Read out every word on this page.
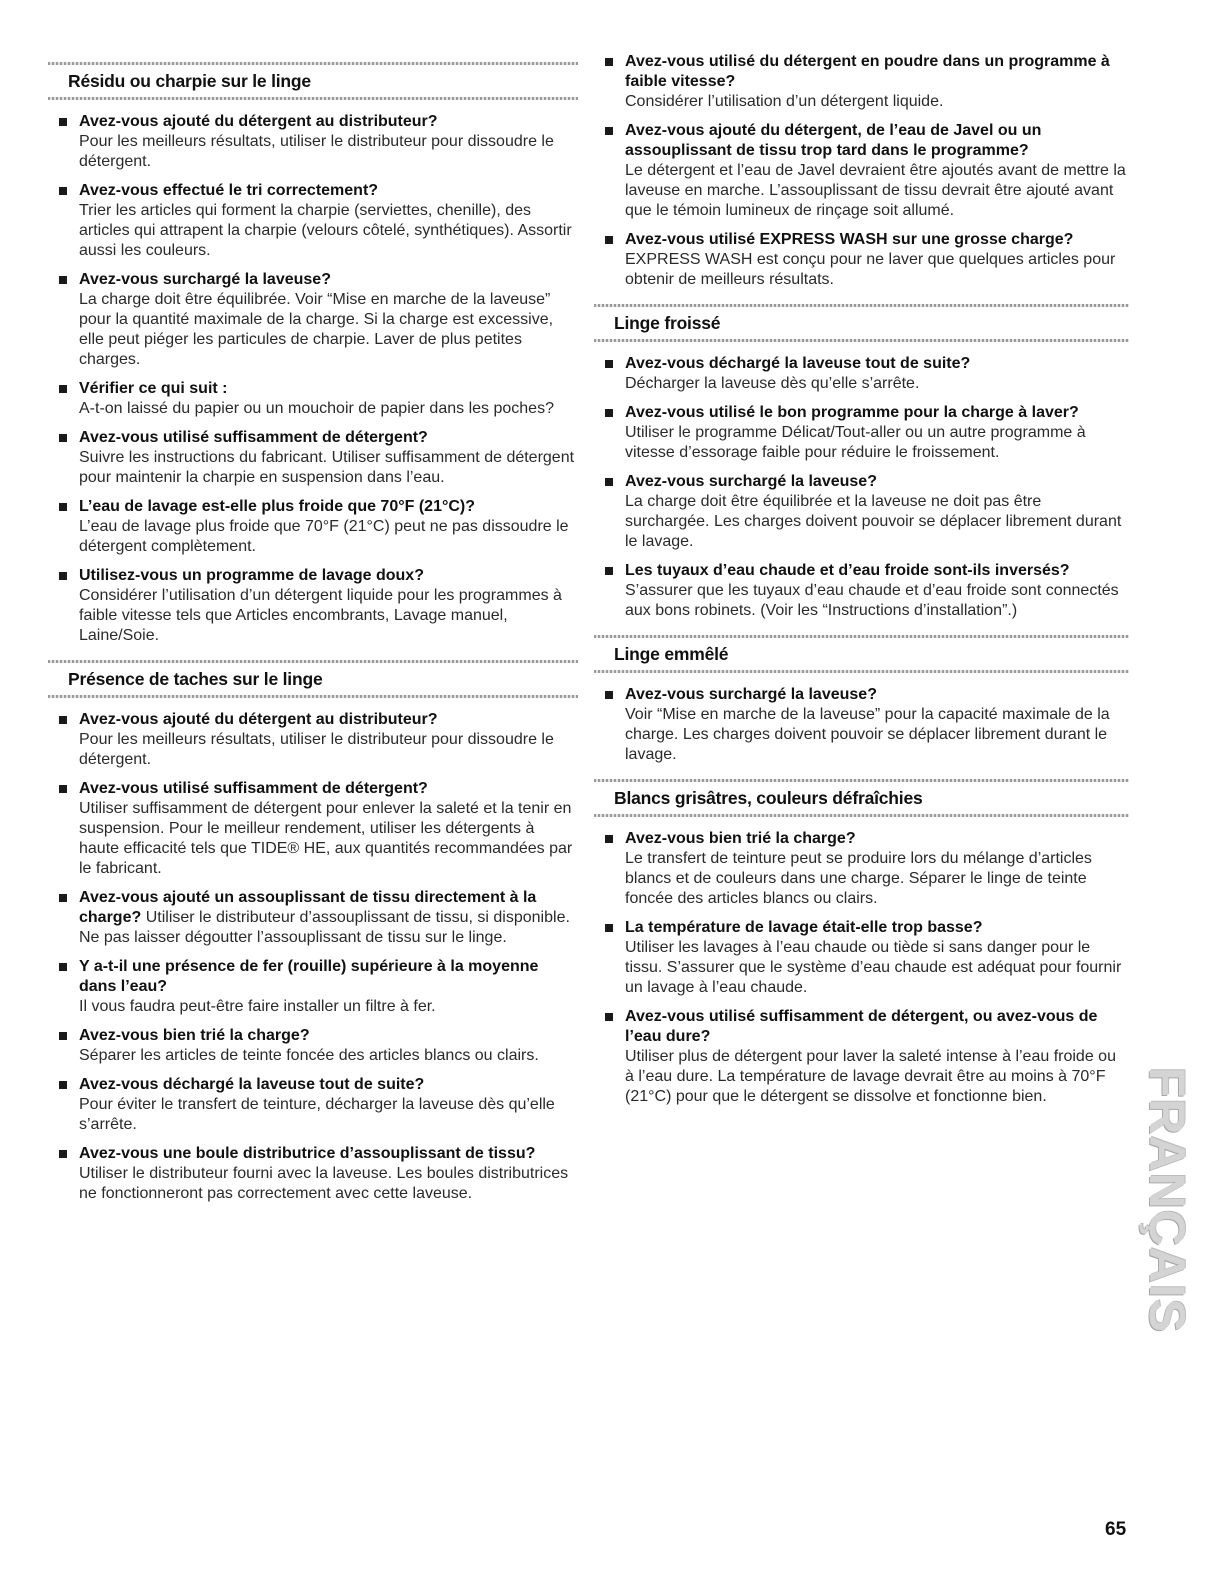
Résidu ou charpie sur le linge
Avez-vous ajouté du détergent au distributeur?
Pour les meilleurs résultats, utiliser le distributeur pour dissoudre le détergent.
Avez-vous effectué le tri correctement?
Trier les articles qui forment la charpie (serviettes, chenille), des articles qui attrapent la charpie (velours côtelé, synthétiques). Assortir aussi les couleurs.
Avez-vous surchargé la laveuse?
La charge doit être équilibrée. Voir “Mise en marche de la laveuse” pour la quantité maximale de la charge. Si la charge est excessive, elle peut piéger les particules de charpie. Laver de plus petites charges.
Vérifier ce qui suit :
A-t-on laissé du papier ou un mouchoir de papier dans les poches?
Avez-vous utilisé suffisamment de détergent?
Suivre les instructions du fabricant. Utiliser suffisamment de détergent pour maintenir la charpie en suspension dans l’eau.
L’eau de lavage est-elle plus froide que 70°F (21°C)?
L’eau de lavage plus froide que 70°F (21°C) peut ne pas dissoudre le détergent complètement.
Utilisez-vous un programme de lavage doux?
Considérer l’utilisation d’un détergent liquide pour les programmes à faible vitesse tels que Articles encombrants, Lavage manuel, Laine/Soie.
Présence de taches sur le linge
Avez-vous ajouté du détergent au distributeur?
Pour les meilleurs résultats, utiliser le distributeur pour dissoudre le détergent.
Avez-vous utilisé suffisamment de détergent?
Utiliser suffisamment de détergent pour enlever la saleté et la tenir en suspension. Pour le meilleur rendement, utiliser les détergents à haute efficacité tels que TIDE® HE, aux quantités recommandées par le fabricant.
Avez-vous ajouté un assouplissant de tissu directement à la charge? Utiliser le distributeur d’assouplissant de tissu, si disponible. Ne pas laisser dégoutter l’assouplissant de tissu sur le linge.
Y a-t-il une présence de fer (rouille) supérieure à la moyenne dans l’eau?
Il vous faudra peut-être faire installer un filtre à fer.
Avez-vous bien trié la charge?
Séparer les articles de teinte foncée des articles blancs ou clairs.
Avez-vous déchargé la laveuse tout de suite?
Pour éviter le transfert de teinture, décharger la laveuse dès qu’elle s’arrête.
Avez-vous une boule distributrice d’assouplissant de tissu?
Utiliser le distributeur fourni avec la laveuse. Les boules distributrices ne fonctionneront pas correctement avec cette laveuse.
Avez-vous utilisé du détergent en poudre dans un programme à faible vitesse?
Considérer l’utilisation d’un détergent liquide.
Avez-vous ajouté du détergent, de l’eau de Javel ou un assouplissant de tissu trop tard dans le programme?
Le détergent et l’eau de Javel devraient être ajoutés avant de mettre la laveuse en marche. L’assouplissant de tissu devrait être ajouté avant que le témoin lumineux de rinçage soit allumé.
Avez-vous utilisé EXPRESS WASH sur une grosse charge?
EXPRESS WASH est conçu pour ne laver que quelques articles pour obtenir de meilleurs résultats.
Linge froissé
Avez-vous déchargé la laveuse tout de suite?
Décharger la laveuse dès qu’elle s’arrête.
Avez-vous utilisé le bon programme pour la charge à laver?
Utiliser le programme Délicat/Tout-aller ou un autre programme à vitesse d’essorage faible pour réduire le froissement.
Avez-vous surchargé la laveuse?
La charge doit être équilibrée et la laveuse ne doit pas être surchargée. Les charges doivent pouvoir se déplacer librement durant le lavage.
Les tuyaux d’eau chaude et d’eau froide sont-ils inversés?
S’assurer que les tuyaux d’eau chaude et d’eau froide sont connectés aux bons robinets. (Voir les “Instructions d’installation”.)
Linge emmêlé
Avez-vous surchargé la laveuse?
Voir “Mise en marche de la laveuse” pour la capacité maximale de la charge. Les charges doivent pouvoir se déplacer librement durant le lavage.
Blancs grisâtres, couleurs défraîchies
Avez-vous bien trié la charge?
Le transfert de teinture peut se produire lors du mélange d’articles blancs et de couleurs dans une charge. Séparer le linge de teinte foncée des articles blancs ou clairs.
La température de lavage était-elle trop basse?
Utiliser les lavages à l’eau chaude ou tiède si sans danger pour le tissu. S’assurer que le système d’eau chaude est adéquat pour fournir un lavage à l’eau chaude.
Avez-vous utilisé suffisamment de détergent, ou avez-vous de l’eau dure?
Utiliser plus de détergent pour laver la saleté intense à l’eau froide ou à l’eau dure. La température de lavage devrait être au moins à 70°F (21°C) pour que le détergent se dissolve et fonctionne bien.	FRANÇAIS
65
